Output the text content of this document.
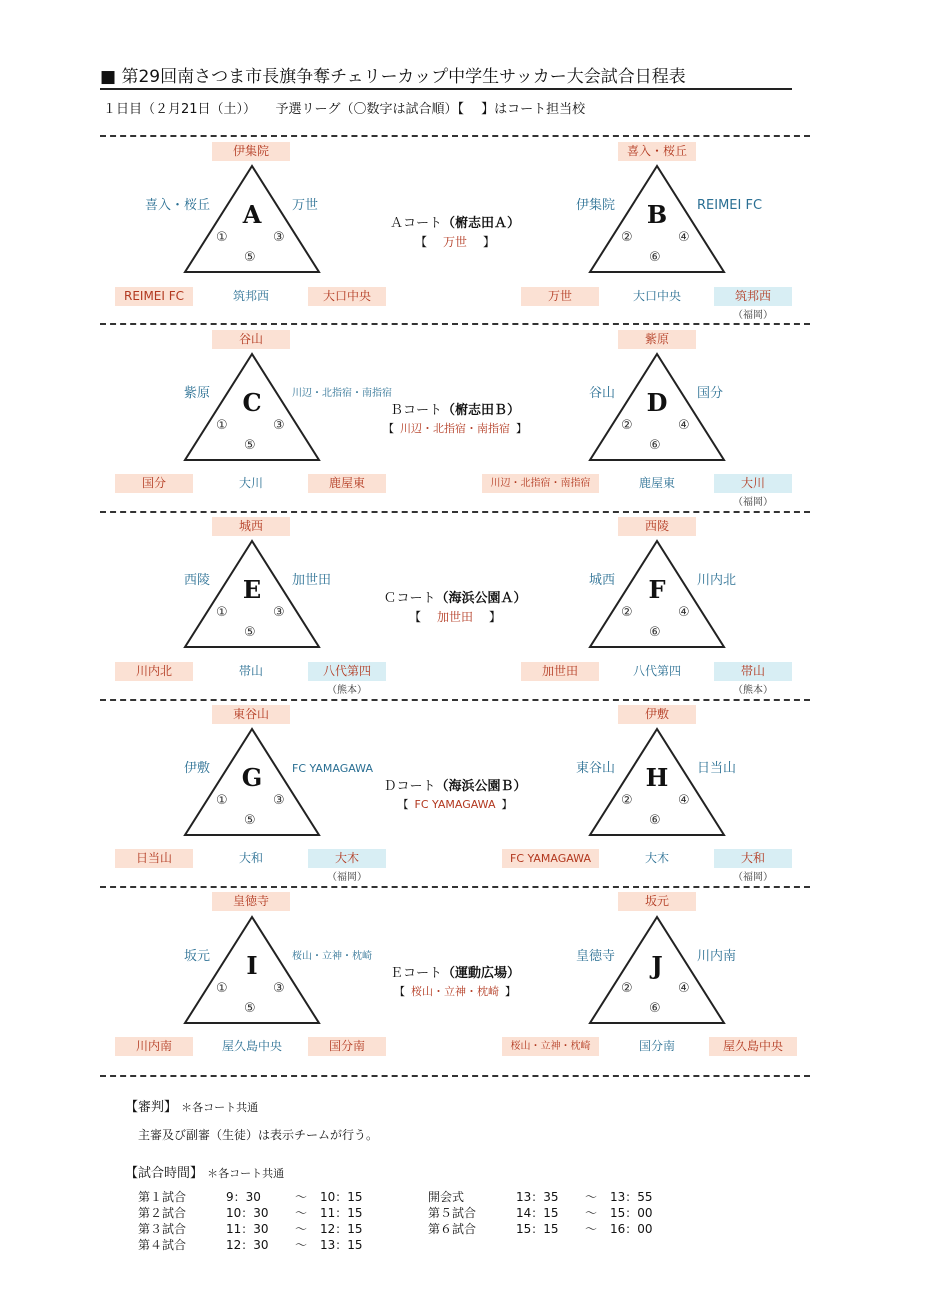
■ 第29回南さつま市長旗争奪チェリーカップ中学生サッカー大会試合日程表
１日目（２月21日（土））　　予選リーグ（〇数字は試合順）【　 】はコート担当校
伊集院
喜入・桜丘	万世
A
①	③
⑤
REIMEI FC	筑邦西	大口中央
Ａコート（椨志田Ａ）
【 万世 】
喜入・桜丘
伊集院	REIMEI FC
B
②	④
⑥
万世	大口中央	筑邦西
（福岡）
谷山
紫原	川辺・北指宿・南指宿
C
①	③
⑤
国分	大川	鹿屋東
Ｂコート（椨志田Ｂ）
【 川辺・北指宿・南指宿 】
紫原
谷山	国分
D
②	④
⑥
川辺・北指宿・南指宿	鹿屋東	大川
（福岡）
城西
西陵	加世田
E
①	③
⑤
川内北	帯山	八代第四
（熊本）
Ｃコート（海浜公園Ａ）
【 加世田 】
西陵
城西	川内北
F
②	④
⑥
加世田	八代第四	帯山
（熊本）
東谷山
伊敷	FC YAMAGAWA
G
①	③
⑤
日当山	大和	大木
（福岡）
Ｄコート（海浜公園Ｂ）
【 FC YAMAGAWA 】
伊敷
東谷山	日当山
H
②	④
⑥
FC YAMAGAWA	大木	大和
（福岡）
皇徳寺
坂元	桜山・立神・枕崎
I
①	③
⑤
川内南	屋久島中央	国分南
Ｅコート（運動広場）
【 桜山・立神・枕崎 】
坂元
皇徳寺	川内南
J
②	④
⑥
桜山・立神・枕崎	国分南	屋久島中央
【審判】 ＊各コート共通
主審及び副審（生徒）は表示チームが行う。
【試合時間】 ＊各コート共通
第１試合	9：30	～ 10：15
第２試合	10：30 ～ 11：15
第３試合	11：30 ～ 12：15
第４試合	12：30 ～ 13：15
開会式	13：35 ～ 13：55
第５試合	14：15 ～ 15：00
第６試合	15：15 ～ 16：00
